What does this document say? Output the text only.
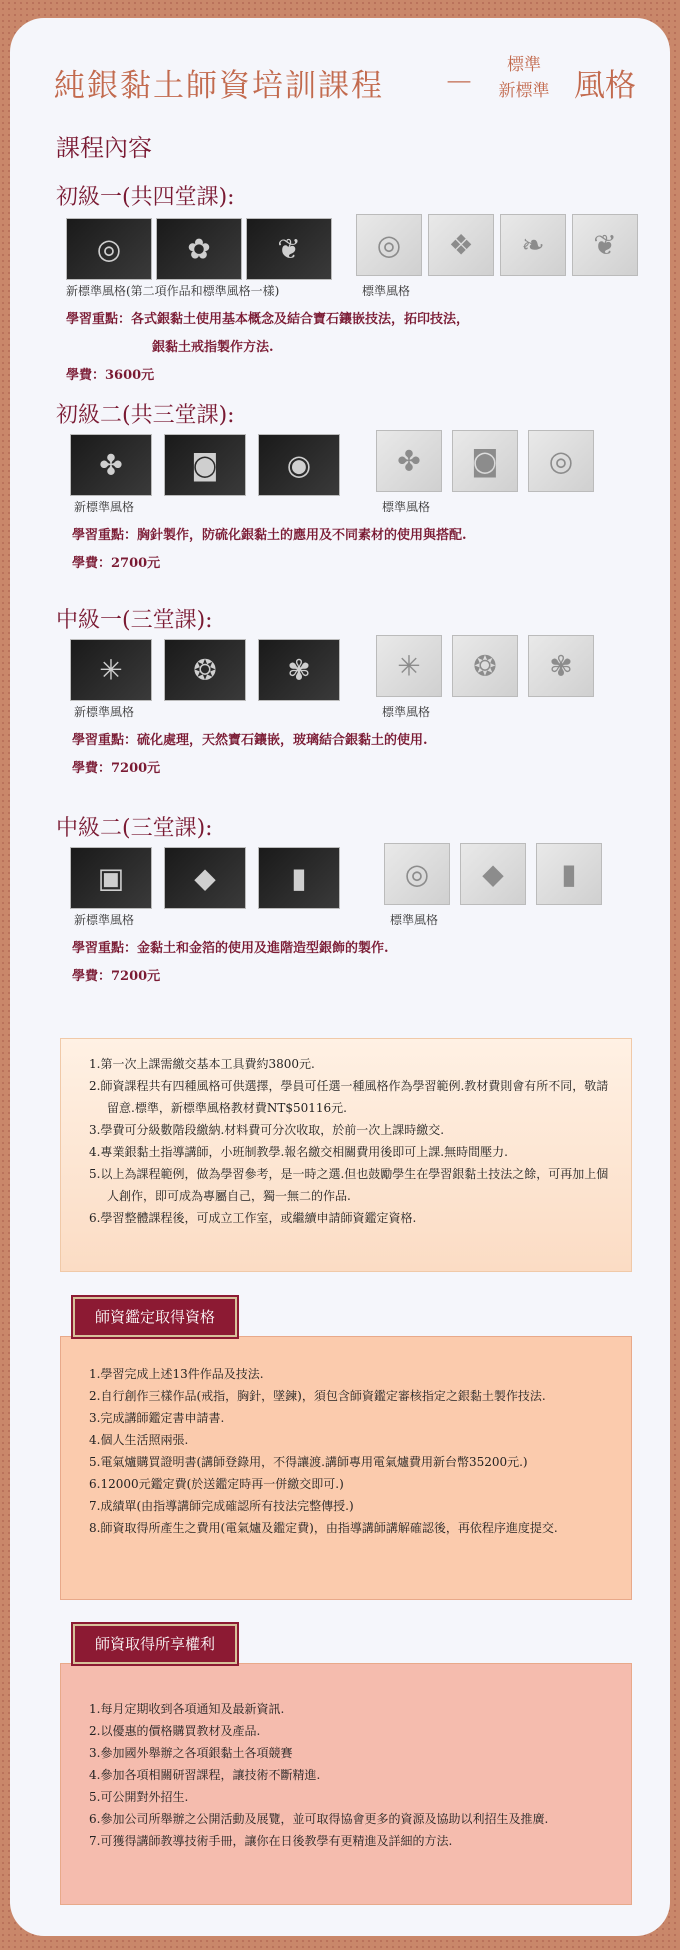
純銀黏土師資培訓課程 －
標準
新標準 風格
課程內容
初級一(共四堂課):
◎ ✿ ❦	◎ ❖ ❧ ❦
新標準風格(第二項作品和標準風格一樣)	標準風格
學習重點：各式銀黏土使用基本概念及結合寶石鑲嵌技法，拓印技法，
銀黏土戒指製作方法.
學費：3600元
初級二(共三堂課):
✤ ◙ ◉	✤ ◙ ◎
新標準風格	標準風格
學習重點：胸針製作，防硫化銀黏土的應用及不同素材的使用與搭配.
學費：2700元
中級一(三堂課):
✳	❂	✾	✳ ❂ ✾
新標準風格	標準風格
學習重點：硫化處理，天然寶石鑲嵌，玻璃結合銀黏土的使用.
學費：7200元
中級二(三堂課):
▣ ◆	▮	◎ ◆ ▮
新標準風格	標準風格
學習重點：金黏土和金箔的使用及進階造型銀飾的製作.
學費：7200元
1.第一次上課需繳交基本工具費約3800元.
2.師資課程共有四種風格可供選擇，學員可任選一種風格作為學習範例.教材費則會有所不同，敬請留意.標準，新標準風格教材費NT$50116元.
3.學費可分級數階段繳納.材料費可分次收取，於前一次上課時繳交.
4.專業銀黏土指導講師，小班制教學.報名繳交相關費用後即可上課.無時間壓力.
5.以上為課程範例，做為學習參考，是一時之選.但也鼓勵學生在學習銀黏土技法之餘，可再加上個人創作，即可成為專屬自己，獨一無二的作品.
6.學習整體課程後，可成立工作室，或繼續申請師資鑑定資格.
師資鑑定取得資格
1.學習完成上述13件作品及技法.
2.自行創作三樣作品(戒指，胸針，墜鍊)，須包含師資鑑定審核指定之銀黏土製作技法.
3.完成講師鑑定書申請書.
4.個人生活照兩張.
5.電氣爐購買證明書(講師登錄用，不得讓渡.講師專用電氣爐費用新台幣35200元.)
6.12000元鑑定費(於送鑑定時再一併繳交即可.)
7.成績單(由指導講師完成確認所有技法完整傳授.)
8.師資取得所產生之費用(電氣爐及鑑定費)，由指導講師講解確認後，再依程序進度提交.
師資取得所享權利
1.每月定期收到各項通知及最新資訊.
2.以優惠的價格購買教材及產品.
3.參加國外舉辦之各項銀黏土各項競賽
4.參加各項相關研習課程，讓技術不斷精進.
5.可公開對外招生.
6.參加公司所舉辦之公開活動及展覽，並可取得協會更多的資源及協助以利招生及推廣.
7.可獲得講師教導技術手冊，讓你在日後教學有更精進及詳細的方法.
